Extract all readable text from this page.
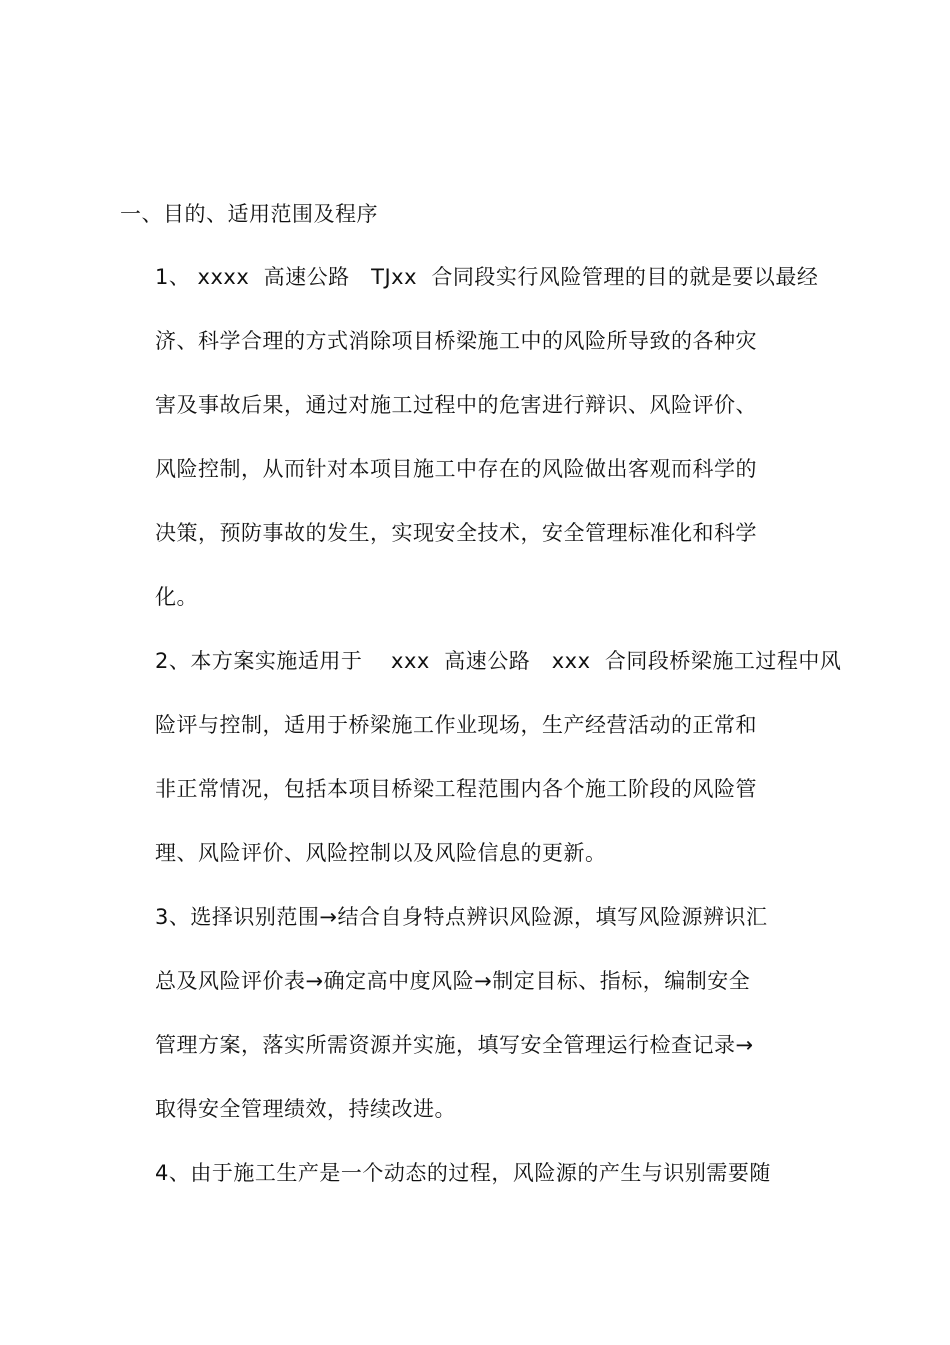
一、目的、适用范围及程序
1、 xxxx  高速公路   TJxx  合同段实行风险管理的目的就是要以最经
济、科学合理的方式消除项目桥梁施工中的风险所导致的各种灾
害及事故后果，通过对施工过程中的危害进行辩识、风险评价、
风险控制，从而针对本项目施工中存在的风险做出客观而科学的
决策，预防事故的发生，实现安全技术，安全管理标准化和科学
化。
2、本方案实施适用于    xxx  高速公路   xxx  合同段桥梁施工过程中风
险评与控制，适用于桥梁施工作业现场，生产经营活动的正常和
非正常情况，包括本项目桥梁工程范围内各个施工阶段的风险管
理、风险评价、风险控制以及风险信息的更新。
3、选择识别范围→结合自身特点辨识风险源，填写风险源辨识汇
总及风险评价表→确定高中度风险→制定目标、指标，编制安全
管理方案，落实所需资源并实施，填写安全管理运行检查记录→
取得安全管理绩效，持续改进。
4、由于施工生产是一个动态的过程，风险源的产生与识别需要随
